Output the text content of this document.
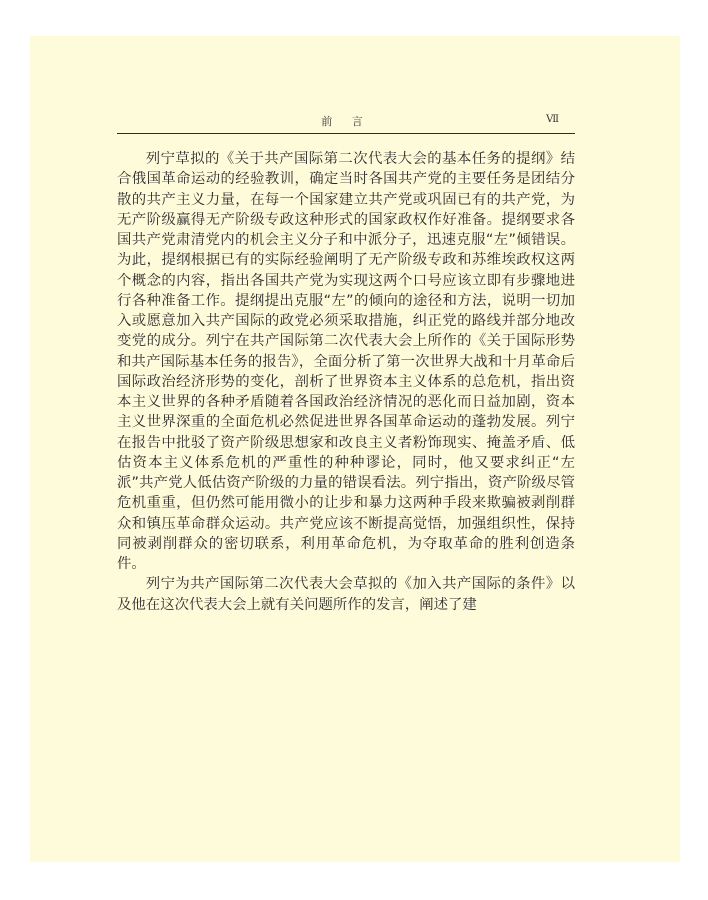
前 言	Ⅶ

列宁草拟的《关于共产国际第二次代表大会的基本任务的提纲》结合俄国革命运动的经验教训，确定当时各国共产党的主要任务是团结分散的共产主义力量，在每一个国家建立共产党或巩固已有的共产党，为无产阶级赢得无产阶级专政这种形式的国家政权作好准备。提纲要求各国共产党肃清党内的机会主义分子和中派分子，迅速克服“左”倾错误。为此，提纲根据已有的实际经验阐明了无产阶级专政和苏维埃政权这两个概念的内容，指出各国共产党为实现这两个口号应该立即有步骤地进行各种准备工作。提纲提出克服“左”的倾向的途径和方法，说明一切加入或愿意加入共产国际的政党必须采取措施，纠正党的路线并部分地改变党的成分。列宁在共产国际第二次代表大会上所作的《关于国际形势和共产国际基本任务的报告》，全面分析了第一次世界大战和十月革命后国际政治经济形势的变化，剖析了世界资本主义体系的总危机，指出资本主义世界的各种矛盾随着各国政治经济情况的恶化而日益加剧，资本主义世界深重的全面危机必然促进世界各国革命运动的蓬勃发展。列宁在报告中批驳了资产阶级思想家和改良主义者粉饰现实、掩盖矛盾、低估资本主义体系危机的严重性的种种谬论，同时，他又要求纠正“左派”共产党人低估资产阶级的力量的错误看法。列宁指出，资产阶级尽管危机重重，但仍然可能用微小的让步和暴力这两种手段来欺骗被剥削群众和镇压革命群众运动。共产党应该不断提高觉悟，加强组织性，保持同被剥削群众的密切联系，利用革命危机，为夺取革命的胜利创造条件。

列宁为共产国际第二次代表大会草拟的《加入共产国际的条件》以及他在这次代表大会上就有关问题所作的发言，阐述了建
